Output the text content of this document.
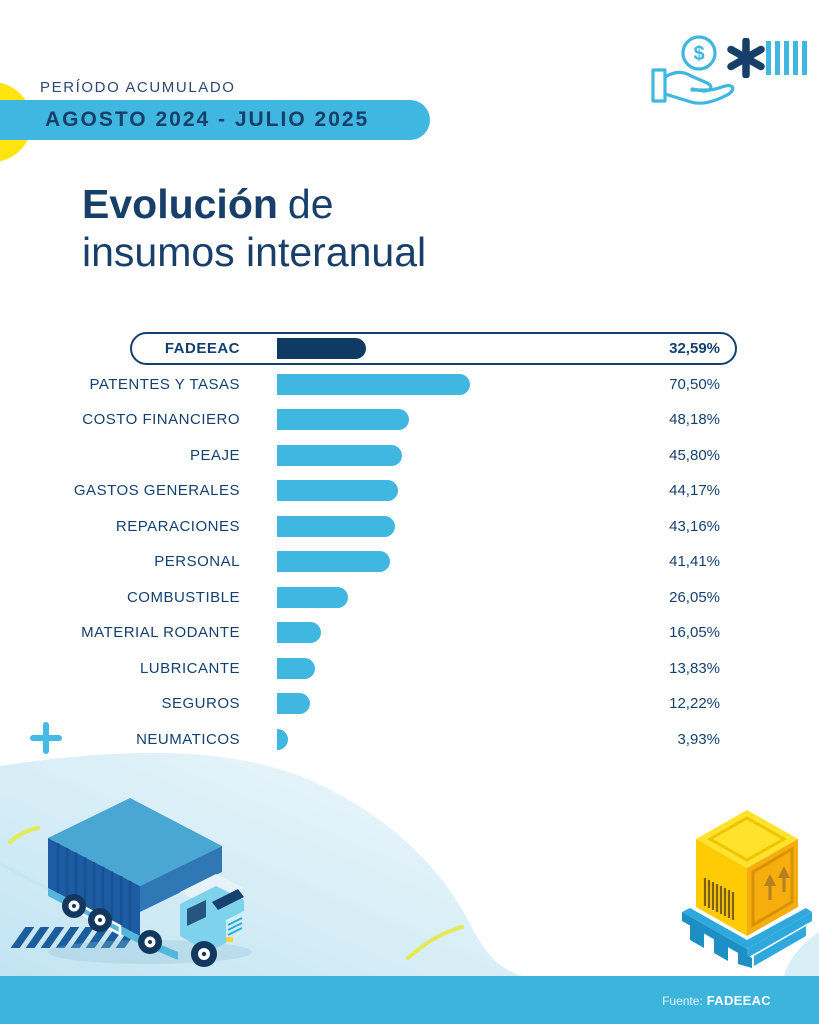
PERÍODO ACUMULADO
AGOSTO 2024 - JULIO 2025
Evolución de
insumos interanual
$
FADEEAC	32,59%
PATENTES Y TASAS	70,50%
COSTO FINANCIERO	48,18%
PEAJE	45,80%
GASTOS GENERALES	44,17%
REPARACIONES	43,16%
PERSONAL	41,41%
COMBUSTIBLE	26,05%
MATERIAL RODANTE	16,05%
LUBRICANTE	13,83%
SEGUROS	12,22%
NEUMATICOS	3,93%
Fuente: FADEEAC
